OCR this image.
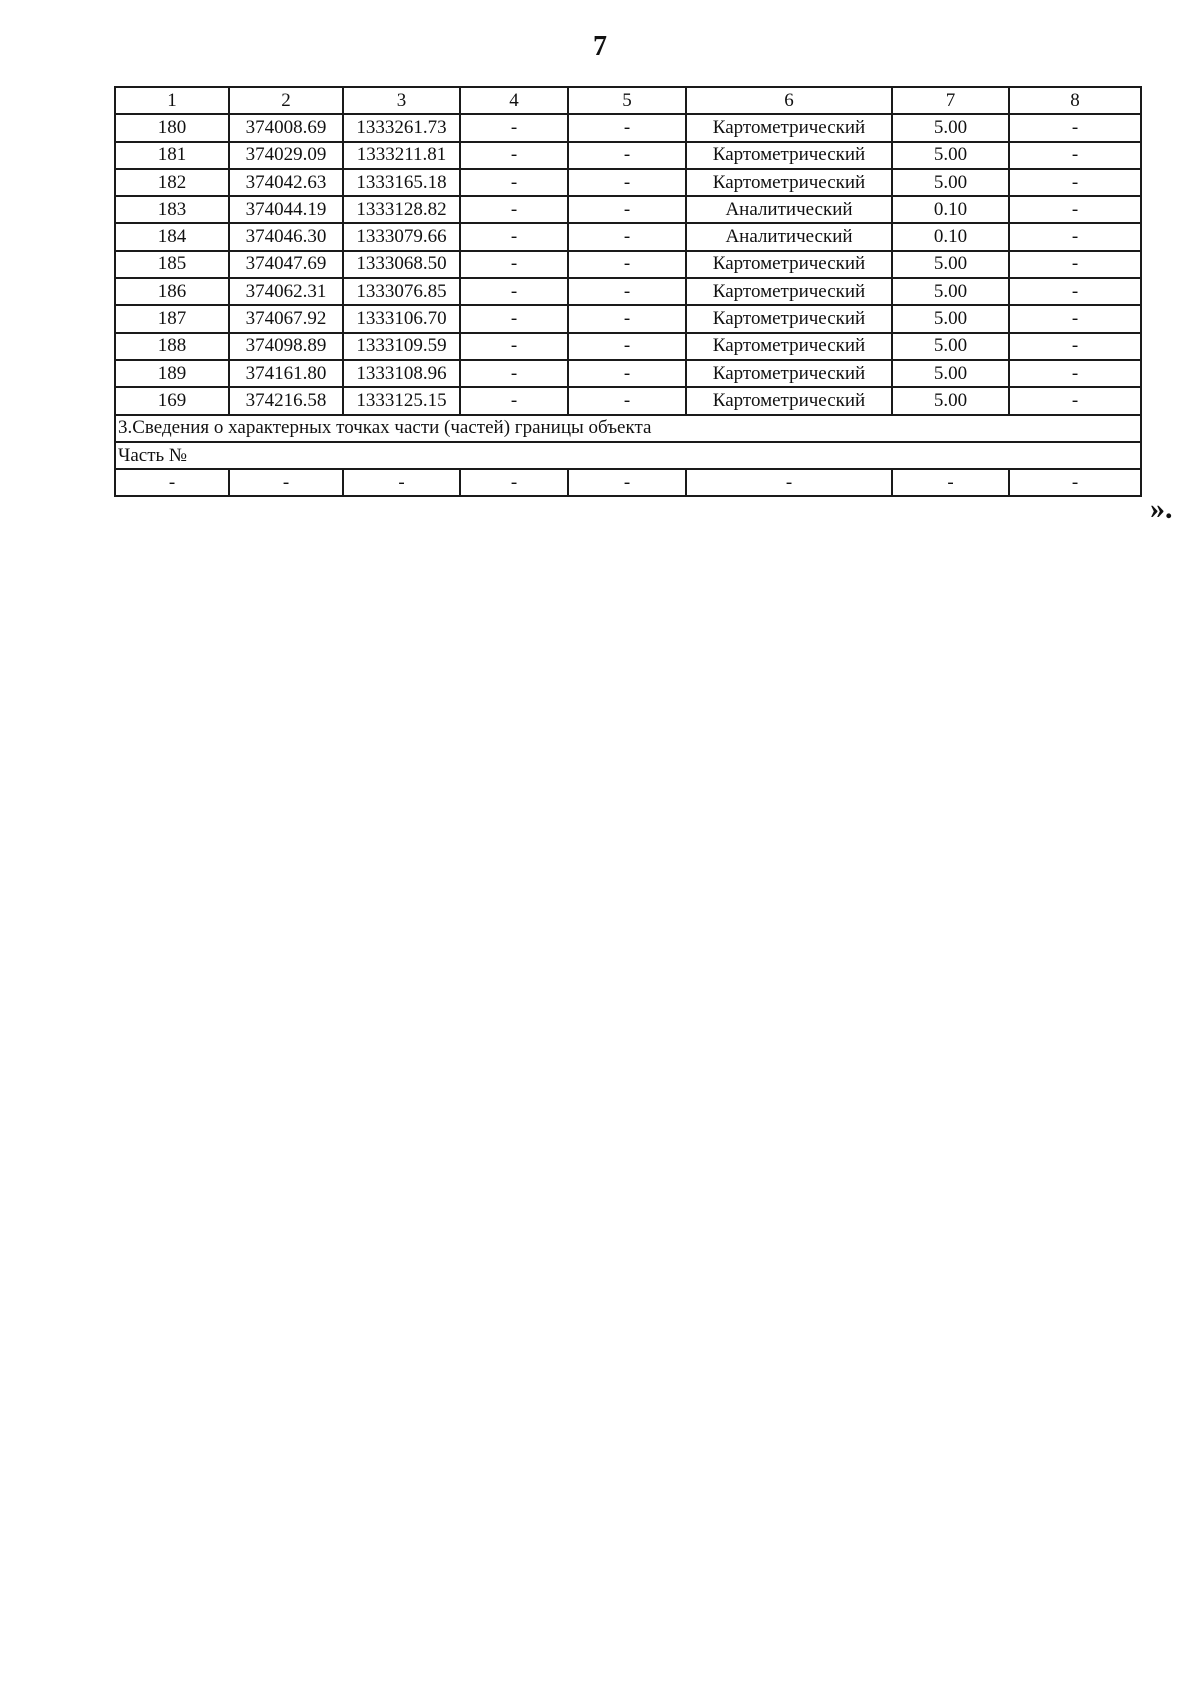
7
1	2	3	4	5	6	7	8
180	374008.69	1333261.73	-	-	Картометрический	5.00	-
181	374029.09	1333211.81	-	-	Картометрический	5.00	-
182	374042.63	1333165.18	-	-	Картометрический	5.00	-
183	374044.19	1333128.82	-	-	Аналитический	0.10	-
184	374046.30	1333079.66	-	-	Аналитический	0.10	-
185	374047.69	1333068.50	-	-	Картометрический	5.00	-
186	374062.31	1333076.85	-	-	Картометрический	5.00	-
187	374067.92	1333106.70	-	-	Картометрический	5.00	-
188	374098.89	1333109.59	-	-	Картометрический	5.00	-
189	374161.80	1333108.96	-	-	Картометрический	5.00	-
169	374216.58	1333125.15	-	-	Картометрический	5.00	-
3.Сведения о характерных точках части (частей) границы объекта							
Часть №							
-	-	-	-	-	-	-	-
».
